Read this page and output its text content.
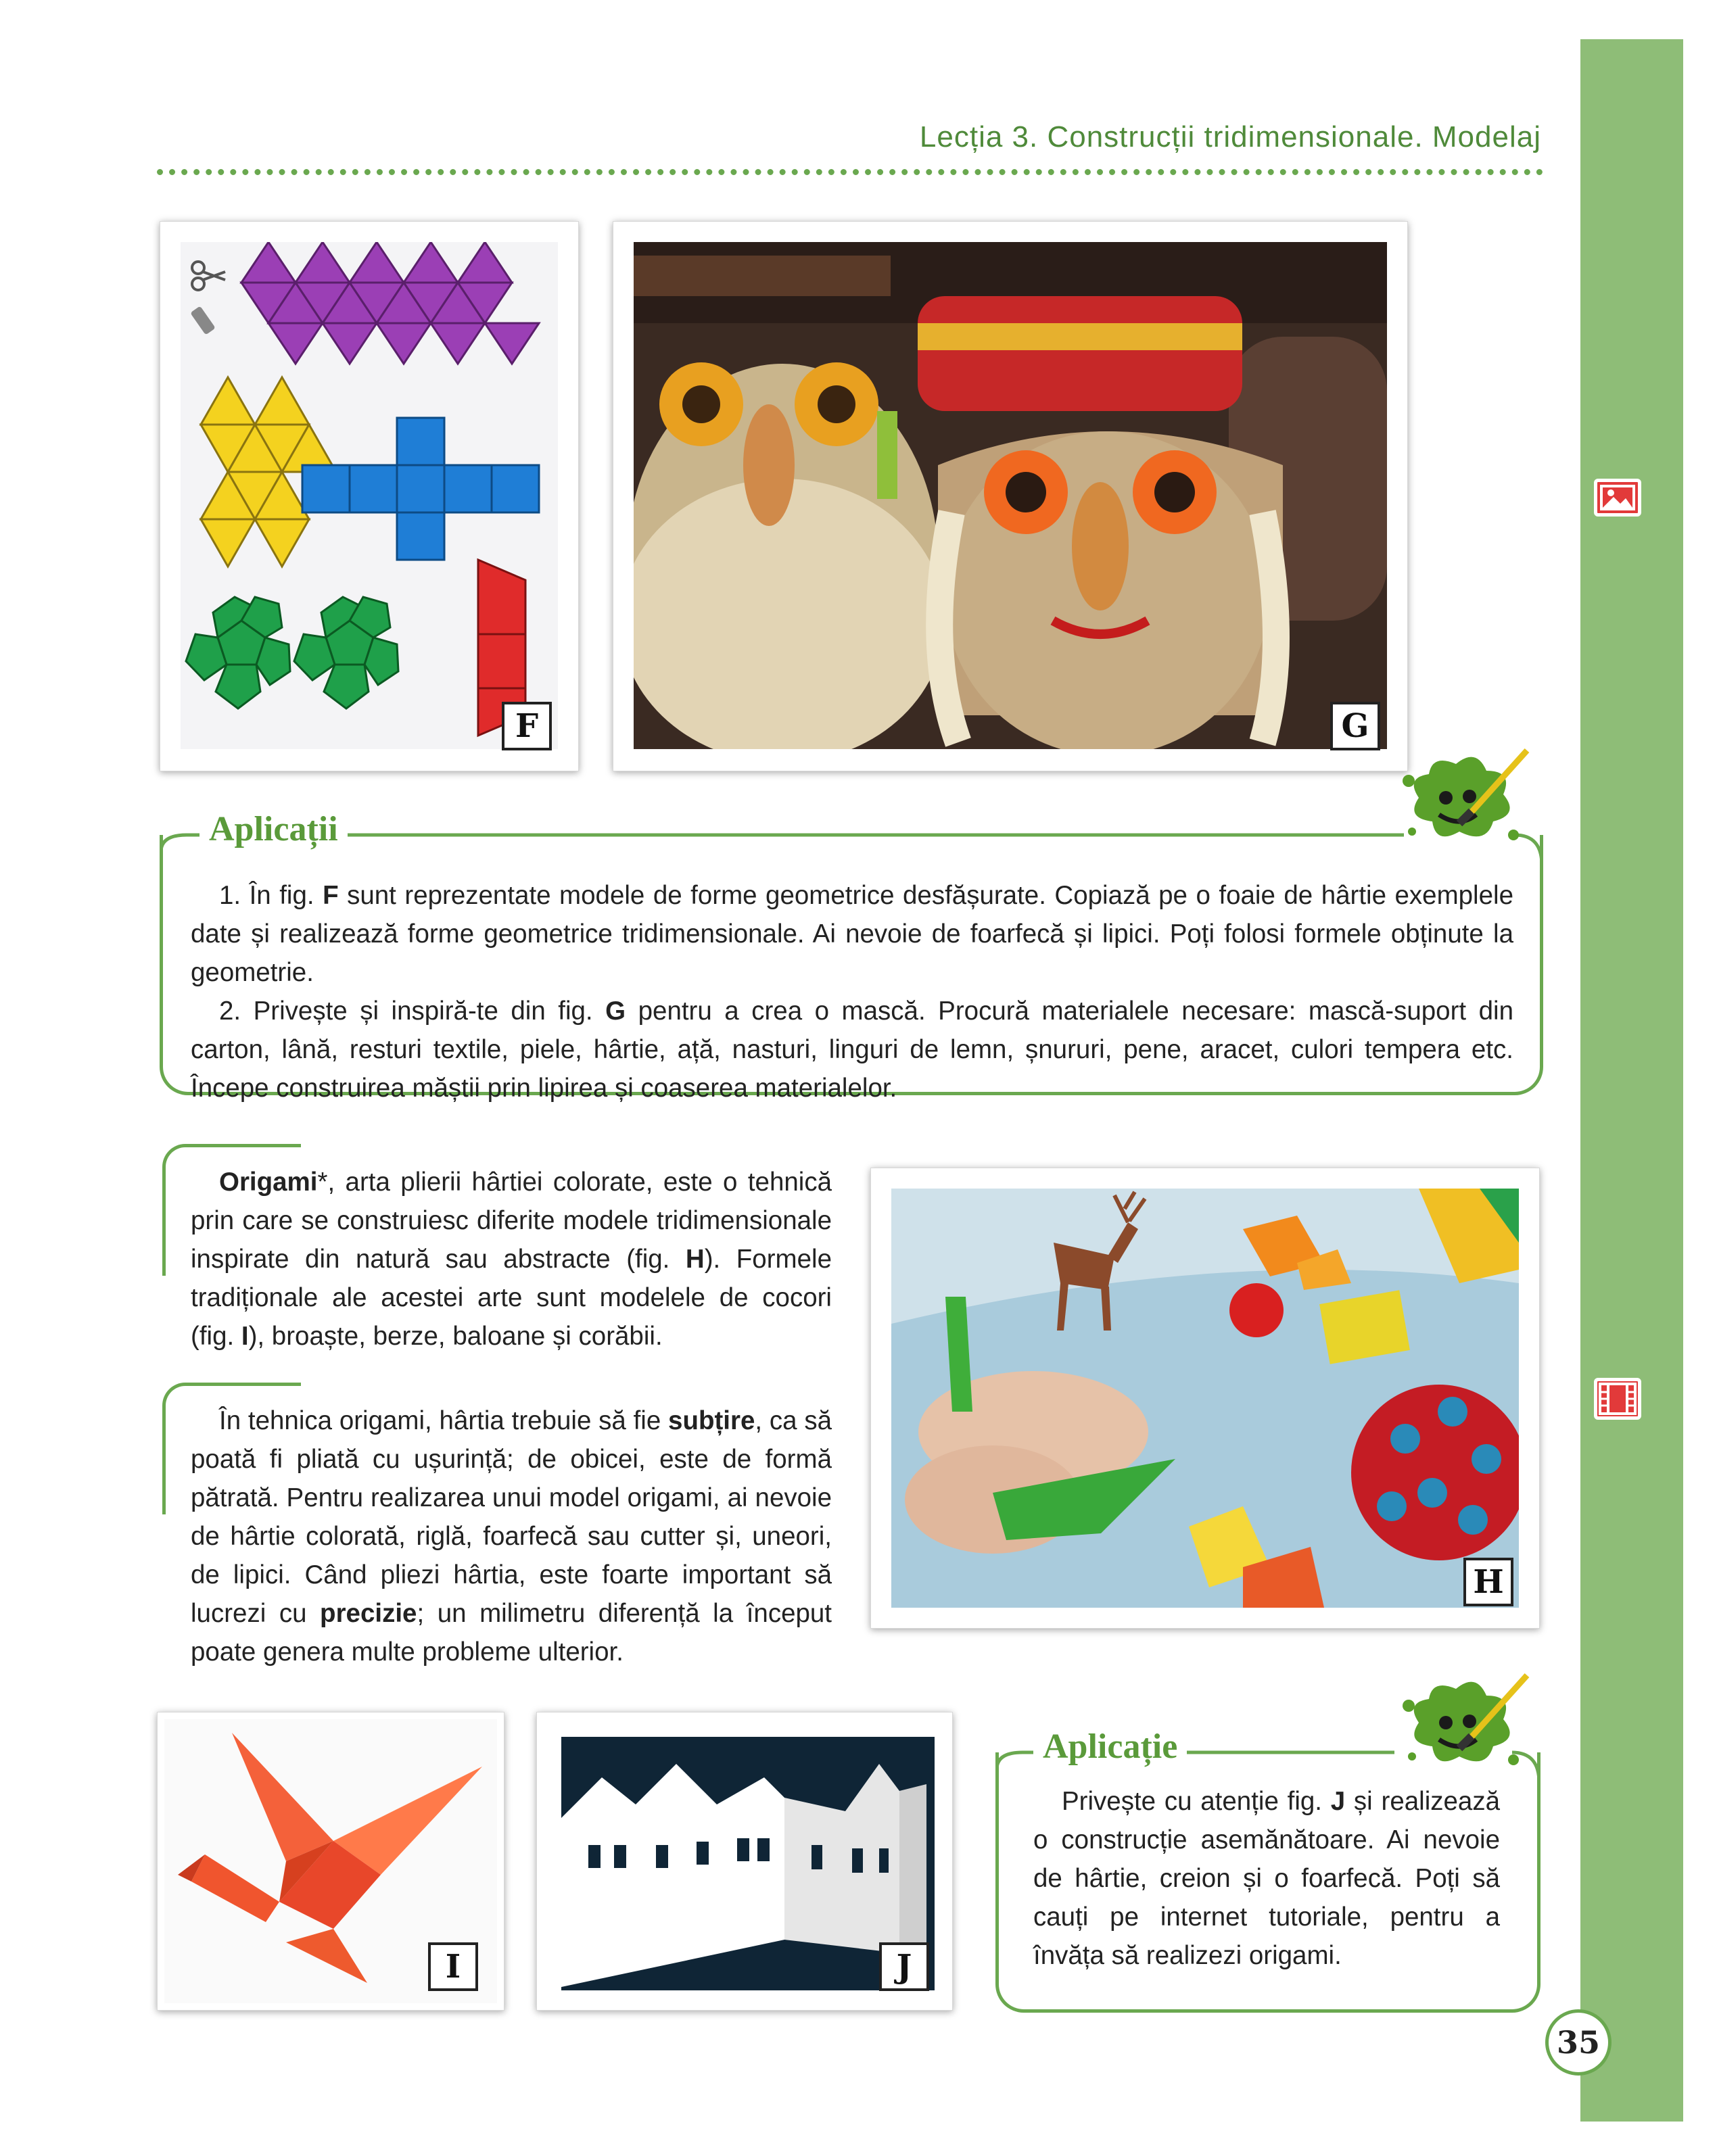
Lecția 3. Construcții tridimensionale. Modelaj
35
F	G
Aplicații

1. În fig. F sunt reprezentate modele de forme geometrice desfășurate. Copiază pe o foaie de hârtie exemplele date și realizează forme geometrice tridimensionale. Ai nevoie de foarfecă și lipici. Poți folosi formele obținute la geometrie.

2. Privește și inspiră-te din fig. G pentru a crea o mască. Procură materialele necesare: mască-suport din carton, lână, resturi textile, piele, hârtie, ață, nasturi, linguri de lemn, șnururi, pene, aracet, culori tempera etc. Începe construirea măștii prin lipirea și coaserea materialelor.

Origami*, arta plierii hârtiei colorate, este o tehnică prin care se construiesc diferite modele tridimensionale inspirate din natură sau abstracte (fig. H). Formele tradiționale ale acestei arte sunt modelele de cocori (fig. I), broaște, berze, baloane și corăbii.

În tehnica origami, hârtia trebuie să fie subțire, ca să poată fi pliată cu ușurință; de obicei, este de formă pătrată. Pentru realizarea unui model origami, ai nevoie de hârtie colorată, riglă, foarfecă sau cutter și, uneori, de lipici. Când pliezi hârtia, este foarte important să lucrezi cu precizie; un milimetru diferență la început poate genera multe probleme ulterior.

H
I	J
Aplicație

Privește cu atenție fig. J și realizează o construcție asemănătoare. Ai nevoie de hârtie, creion și o foarfecă. Poți să cauți pe internet tutoriale, pentru a învăța să realizezi origami.
